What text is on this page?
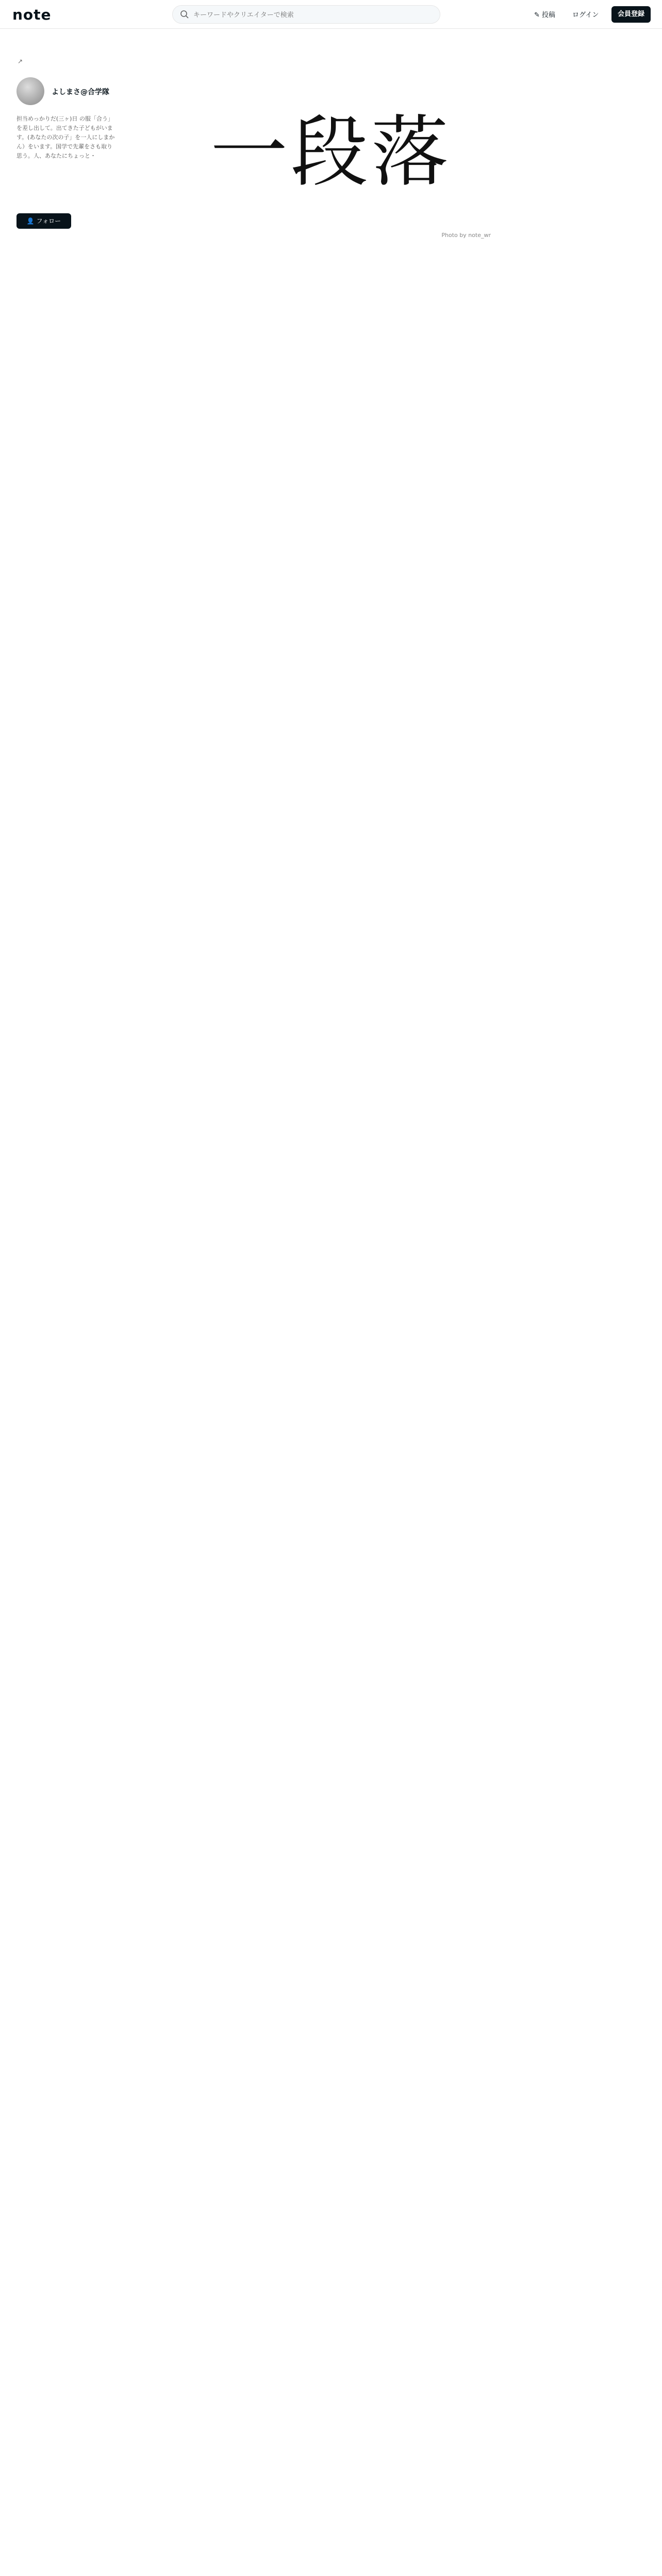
note
キーワードやクリエイターで検索	✎ 投稿	ログイン	会員登録
↗
よしまさ@合学隊
担当めっかりだ(三ヶ)日 の服「合う」を差し出して。出てきた子どもがいます。(あなたの次の子」を一人にしまかん）をいます。国学で先輩をさも取り思う。人、あなたにちょっと・
👤 フォロー
一段落
Photo by note_wr
